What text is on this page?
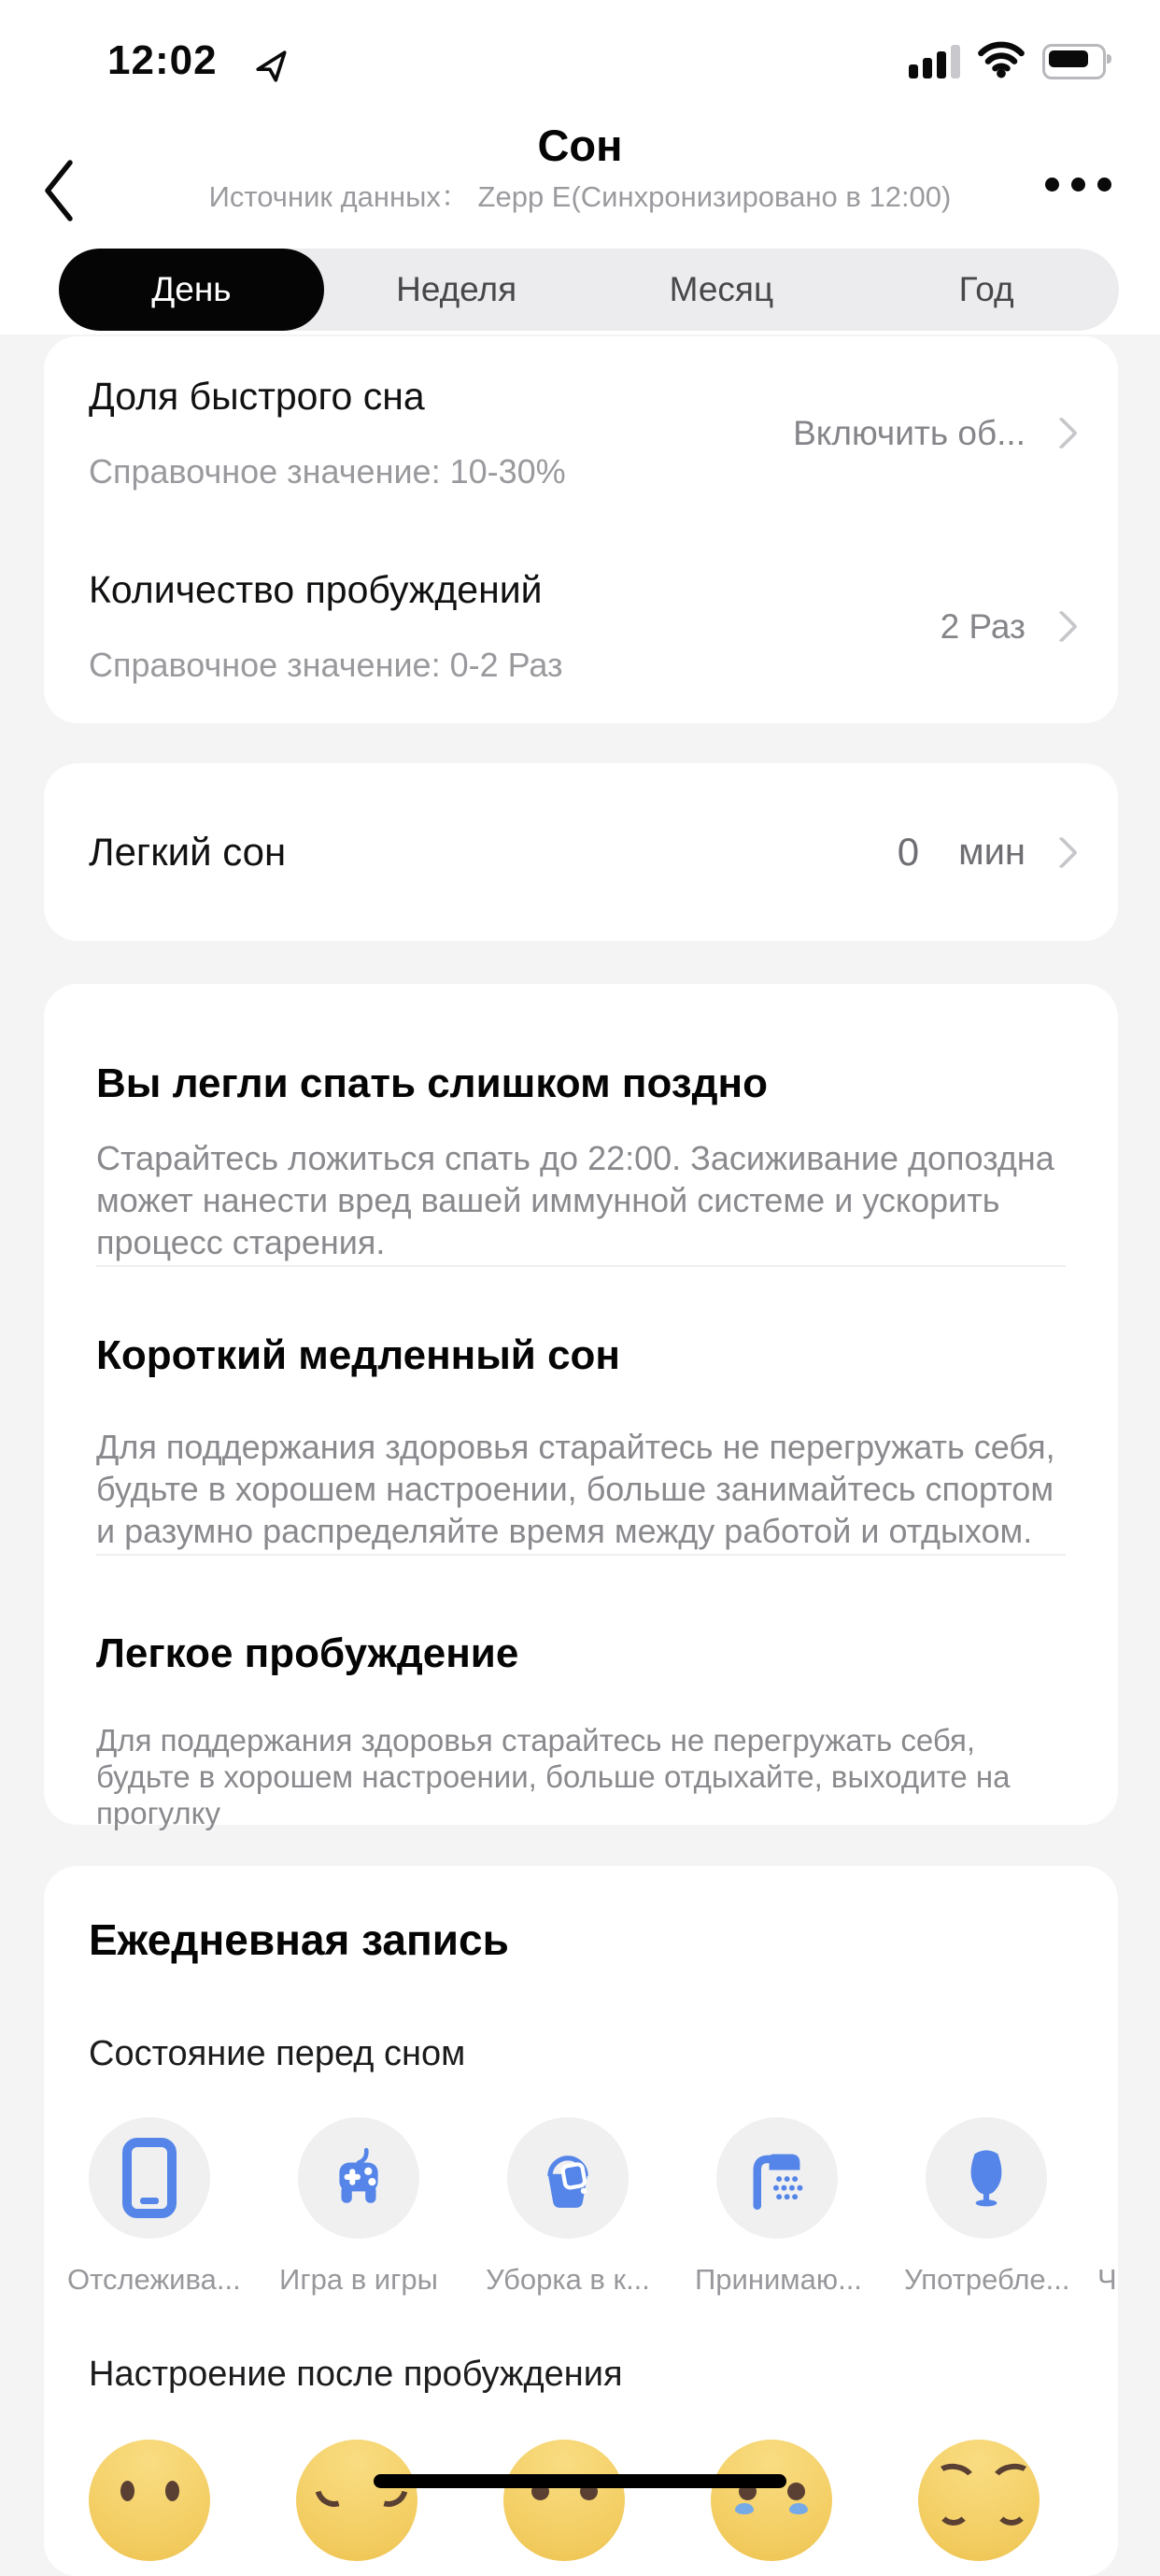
12:02
Сон
Источник данных： Zepp E(Синхронизировано в 12:00)
День	Неделя	Месяц	Год
Доля быстрого сна
Справочное значение: 10-30%
Включить об...
Количество пробуждений
Справочное значение: 0-2 Раз
2 Раз
Легкий сон	0 мин
Вы легли спать слишком поздно
Старайтесь ложиться спать до 22:00. Засиживание допоздна может нанести вред вашей иммунной системе и ускорить процесс старения.
Короткий медленный сон
Для поддержания здоровья старайтесь не перегружать себя, будьте в хорошем настроении, больше занимайтесь спортом и разумно распределяйте время между работой и отдыхом.
Легкое пробуждение
Для поддержания здоровья старайтесь не перегружать себя, будьте в хорошем настроении, больше отдыхайте, выходите на прогулку
Ежедневная запись
Состояние перед сном
Отслежива... Игра в игры Уборка в к... Принимаю... Употребле... Ч
Настроение после пробуждения
